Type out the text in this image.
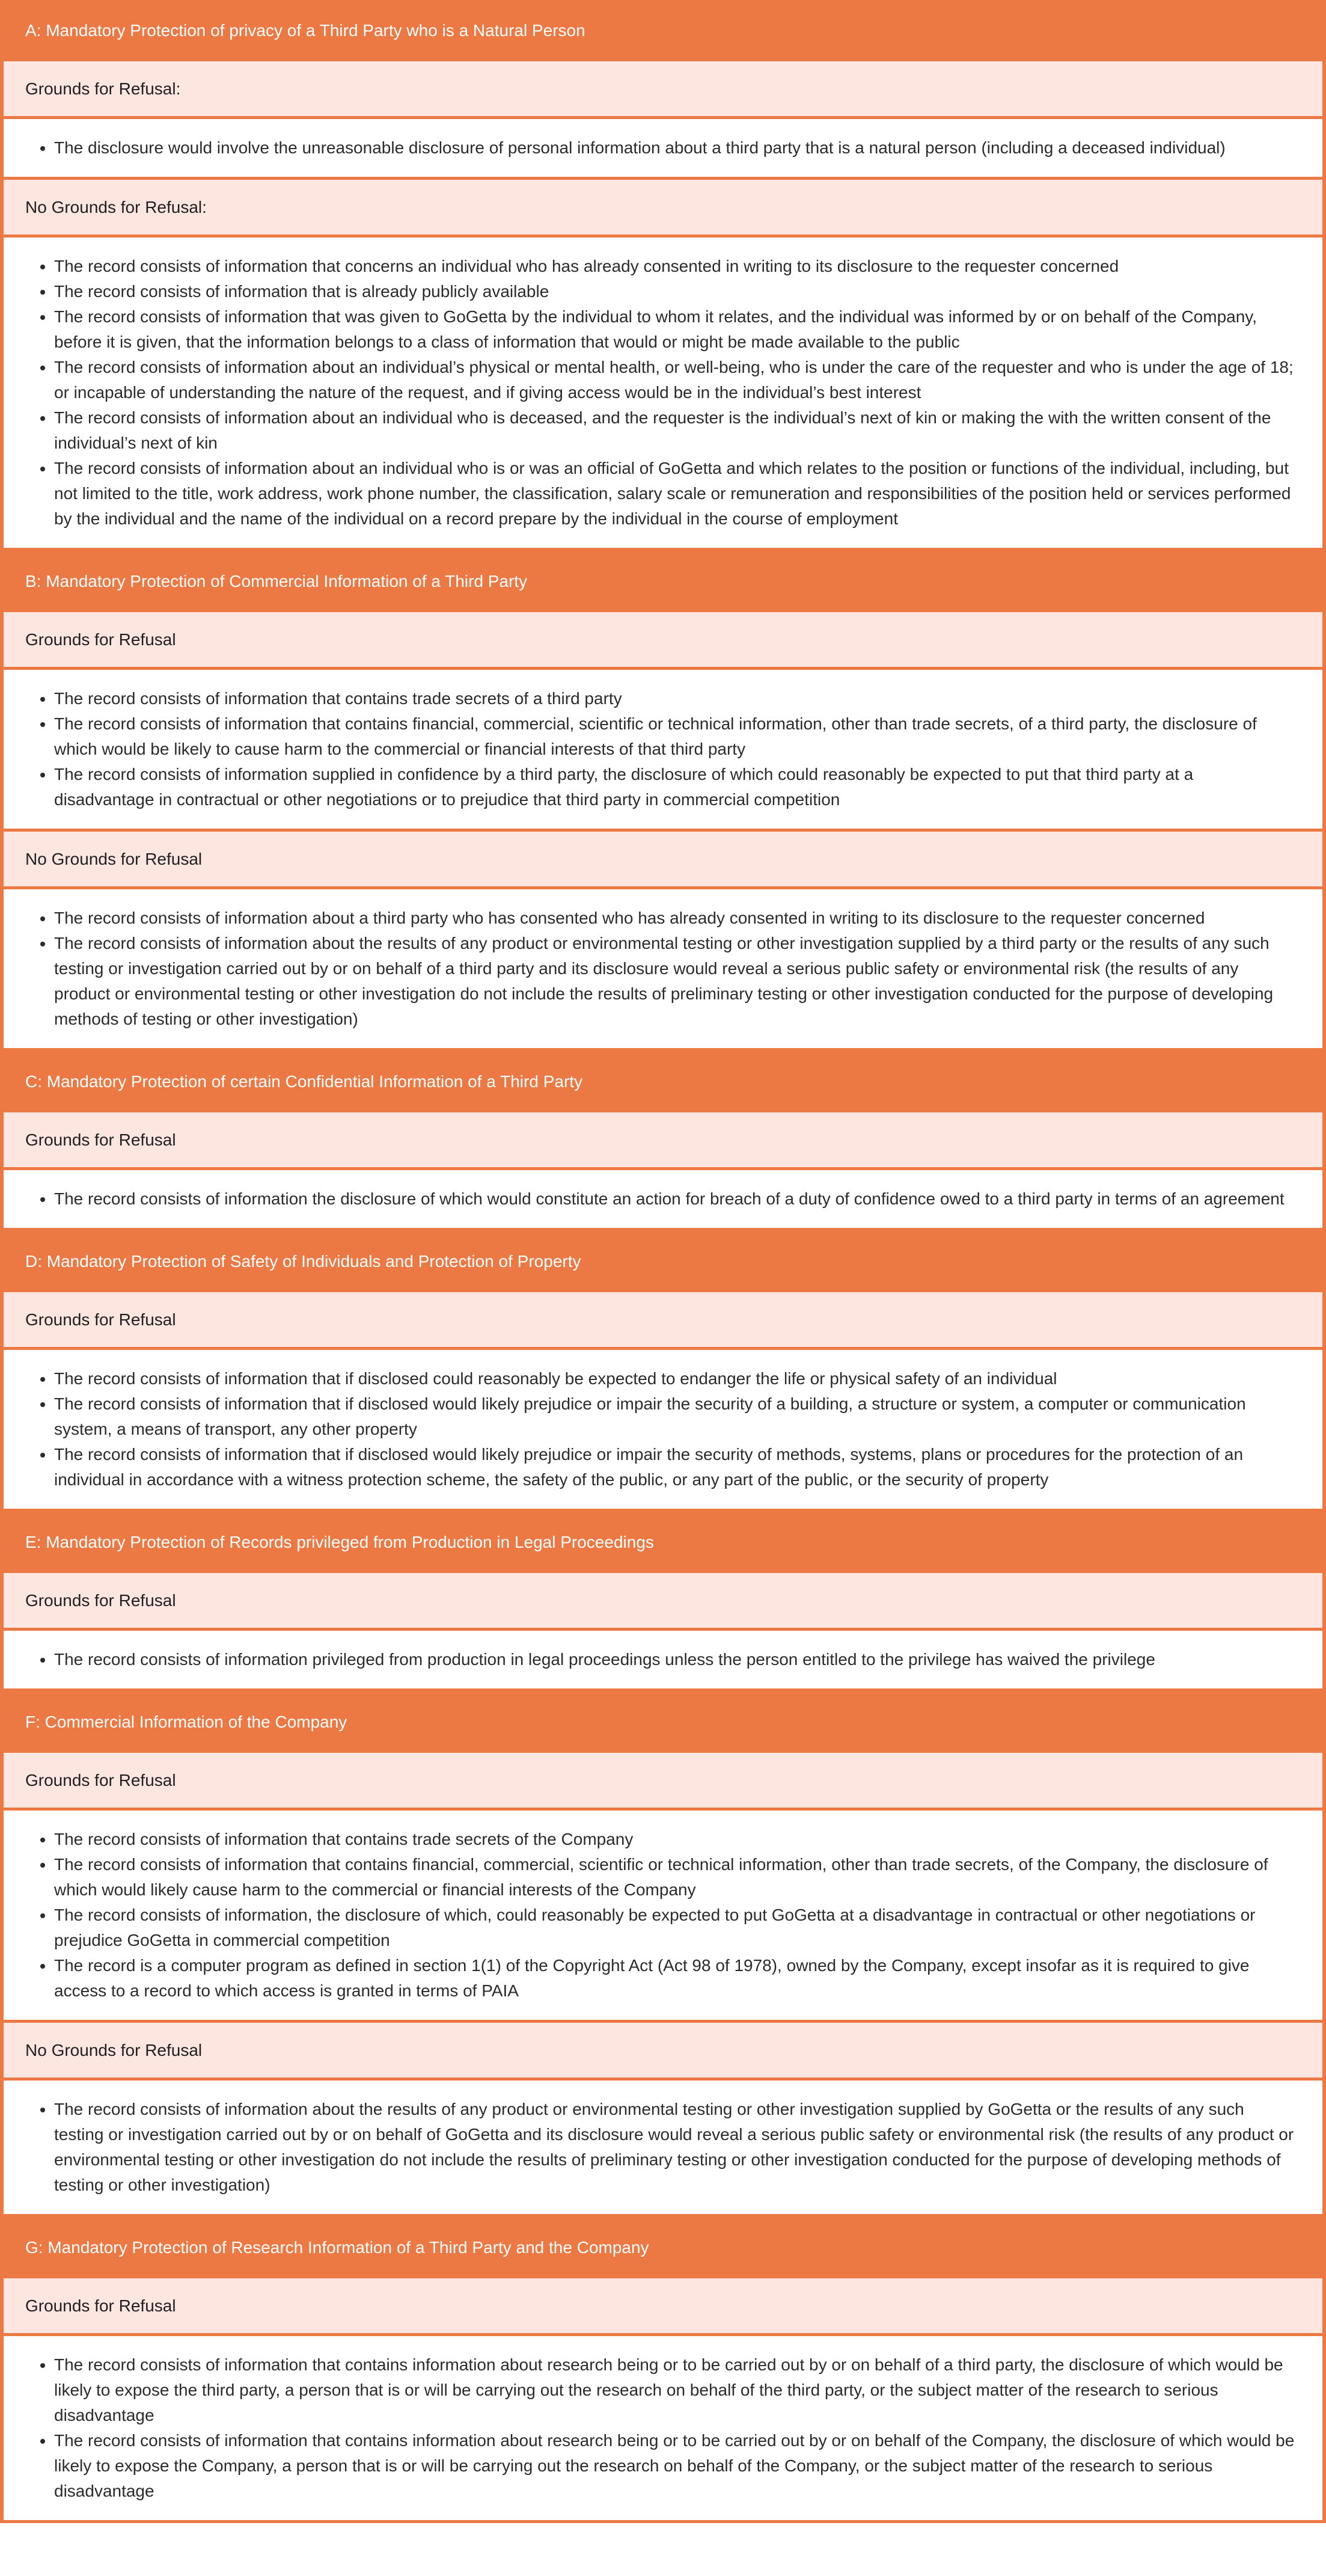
A: Mandatory Protection of privacy of a Third Party who is a Natural Person
Grounds for Refusal:
• The disclosure would involve the unreasonable disclosure of personal information about a third party that is a natural person (including a deceased individual)
No Grounds for Refusal:
• The record consists of information that concerns an individual who has already consented in writing to its disclosure to the requester concerned
• The record consists of information that is already publicly available
• The record consists of information that was given to GoGetta by the individual to whom it relates, and the individual was informed by or on behalf of the Company, before it is given, that the information belongs to a class of information that would or might be made available to the public
• The record consists of information about an individual’s physical or mental health, or well-being, who is under the care of the requester and who is under the age of 18; or incapable of understanding the nature of the request, and if giving access would be in the individual’s best interest
• The record consists of information about an individual who is deceased, and the requester is the individual’s next of kin or making the with the written consent of the individual’s next of kin
• The record consists of information about an individual who is or was an official of GoGetta and which relates to the position or functions of the individual, including, but not limited to the title, work address, work phone number, the classification, salary scale or remuneration and responsibilities of the position held or services performed by the individual and the name of the individual on a record prepare by the individual in the course of employment
B: Mandatory Protection of Commercial Information of a Third Party
Grounds for Refusal
• The record consists of information that contains trade secrets of a third party
• The record consists of information that contains financial, commercial, scientific or technical information, other than trade secrets, of a third party, the disclosure of which would be likely to cause harm to the commercial or financial interests of that third party
• The record consists of information supplied in confidence by a third party, the disclosure of which could reasonably be expected to put that third party at a disadvantage in contractual or other negotiations or to prejudice that third party in commercial competition
No Grounds for Refusal
• The record consists of information about a third party who has consented who has already consented in writing to its disclosure to the requester concerned
• The record consists of information about the results of any product or environmental testing or other investigation supplied by a third party or the results of any such testing or investigation carried out by or on behalf of a third party and its disclosure would reveal a serious public safety or environmental risk (the results of any product or environmental testing or other investigation do not include the results of preliminary testing or other investigation conducted for the purpose of developing methods of testing or other investigation)
C: Mandatory Protection of certain Confidential Information of a Third Party
Grounds for Refusal
• The record consists of information the disclosure of which would constitute an action for breach of a duty of confidence owed to a third party in terms of an agreement
D: Mandatory Protection of Safety of Individuals and Protection of Property
Grounds for Refusal
• The record consists of information that if disclosed could reasonably be expected to endanger the life or physical safety of an individual
• The record consists of information that if disclosed would likely prejudice or impair the security of a building, a structure or system, a computer or communication system, a means of transport, any other property
• The record consists of information that if disclosed would likely prejudice or impair the security of methods, systems, plans or procedures for the protection of an individual in accordance with a witness protection scheme, the safety of the public, or any part of the public, or the security of property
E: Mandatory Protection of Records privileged from Production in Legal Proceedings
Grounds for Refusal
• The record consists of information privileged from production in legal proceedings unless the person entitled to the privilege has waived the privilege
F: Commercial Information of the Company
Grounds for Refusal
• The record consists of information that contains trade secrets of the Company
• The record consists of information that contains financial, commercial, scientific or technical information, other than trade secrets, of the Company, the disclosure of which would likely cause harm to the commercial or financial interests of the Company
• The record consists of information, the disclosure of which, could reasonably be expected to put GoGetta at a disadvantage in contractual or other negotiations or prejudice GoGetta in commercial competition
• The record is a computer program as defined in section 1(1) of the Copyright Act (Act 98 of 1978), owned by the Company, except insofar as it is required to give access to a record to which access is granted in terms of PAIA
No Grounds for Refusal
• The record consists of information about the results of any product or environmental testing or other investigation supplied by GoGetta or the results of any such testing or investigation carried out by or on behalf of GoGetta and its disclosure would reveal a serious public safety or environmental risk (the results of any product or environmental testing or other investigation do not include the results of preliminary testing or other investigation conducted for the purpose of developing methods of testing or other investigation)
G: Mandatory Protection of Research Information of a Third Party and the Company
Grounds for Refusal
• The record consists of information that contains information about research being or to be carried out by or on behalf of a third party, the disclosure of which would be likely to expose the third party, a person that is or will be carrying out the research on behalf of the third party, or the subject matter of the research to serious disadvantage
• The record consists of information that contains information about research being or to be carried out by or on behalf of the Company, the disclosure of which would be likely to expose the Company, a person that is or will be carrying out the research on behalf of the Company, or the subject matter of the research to serious disadvantage
